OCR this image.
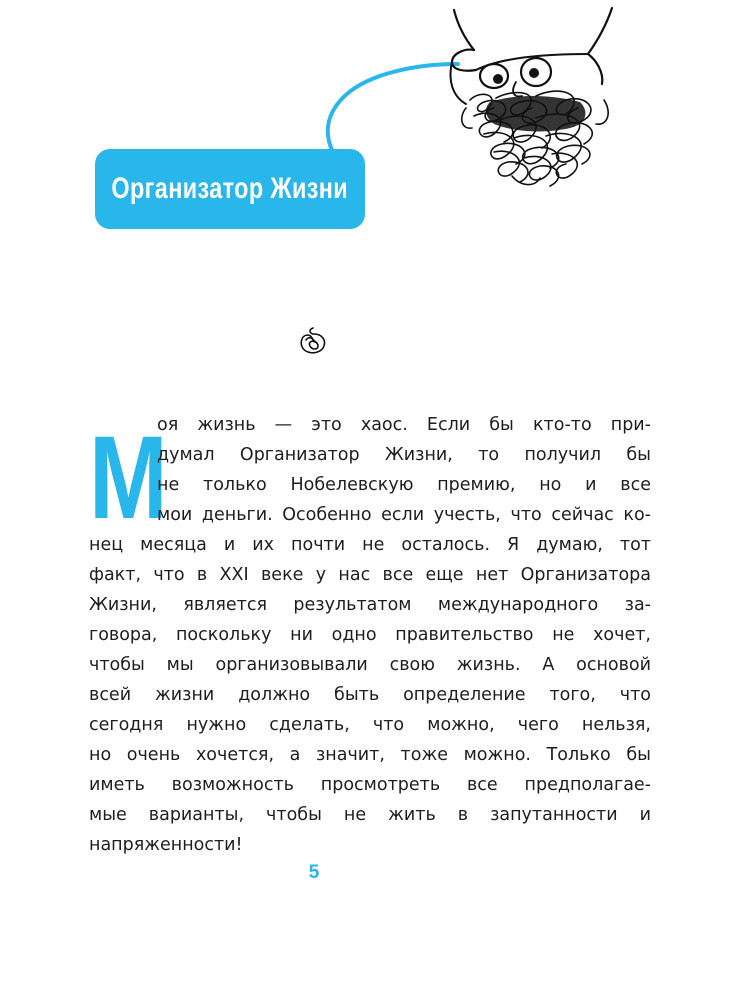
Организатор Жизни
М
оя жизнь — это хаос. Если бы кто-то при-
думал Организатор Жизни, то получил бы
не только Нобелевскую премию, но и все
мои деньги. Особенно если учесть, что сейчас ко-
нец месяца и их почти не осталось. Я думаю, тот
факт, что в XXI веке у нас все еще нет Организатора
Жизни, является результатом международного за-
говора, поскольку ни одно правительство не хочет,
чтобы мы организовывали свою жизнь. А основой
всей жизни должно быть определение того, что
сегодня нужно сделать, что можно, чего нельзя,
но очень хочется, а значит, тоже можно. Только бы
иметь возможность просмотреть все предполагае-
мые варианты, чтобы не жить в запутанности и
напряженности!
5
